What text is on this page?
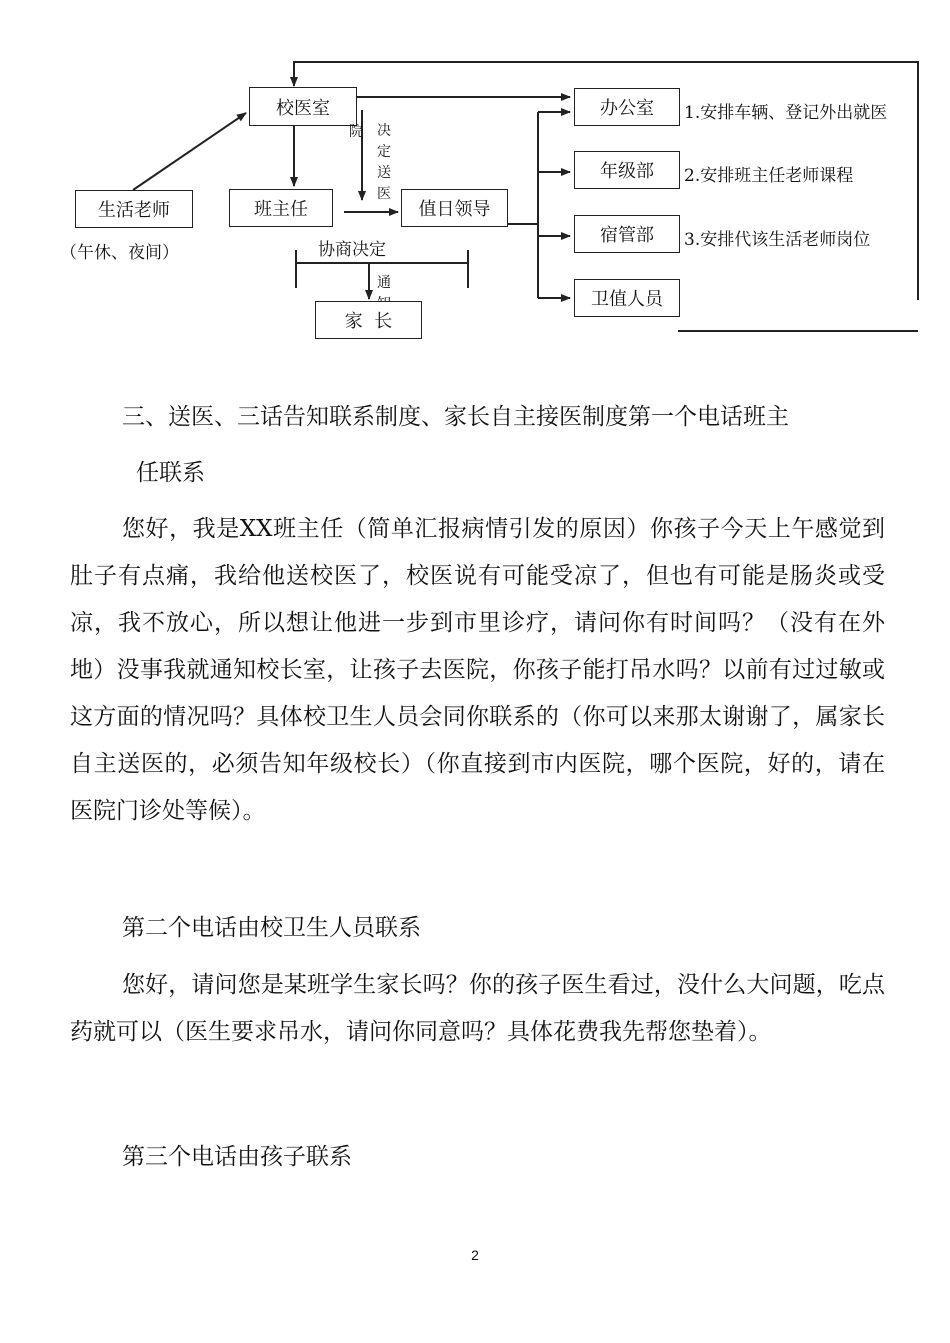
校医室
生活老师
（午休、夜间）
班主任	值日领导
院 决定送医
协商决定
通
家  长
办公室
年级部
宿管部
卫值人员
1.安排车辆、登记外出就医
2.安排班主任老师课程
3.安排代该生活老师岗位

三、送医、三话告知联系制度、家长自主接医制度第一个电话班主

任联系

您好，我是XX班主任（简单汇报病情引发的原因）你孩子今天上午感觉到肚子有点痛，我给他送校医了，校医说有可能受凉了，但也有可能是肠炎或受凉，我不放心，所以想让他进一步到市里诊疗，请问你有时间吗？（没有在外地）没事我就通知校长室，让孩子去医院，你孩子能打吊水吗？以前有过过敏或这方面的情况吗？具体校卫生人员会同你联系的（你可以来那太谢谢了，属家长自主送医的，必须告知年级校长）（你直接到市内医院，哪个医院，好的，请在医院门诊处等候）。

第二个电话由校卫生人员联系

您好，请问您是某班学生家长吗？你的孩子医生看过，没什么大问题，吃点药就可以（医生要求吊水，请问你同意吗？具体花费我先帮您垫着）。

第三个电话由孩子联系

2
